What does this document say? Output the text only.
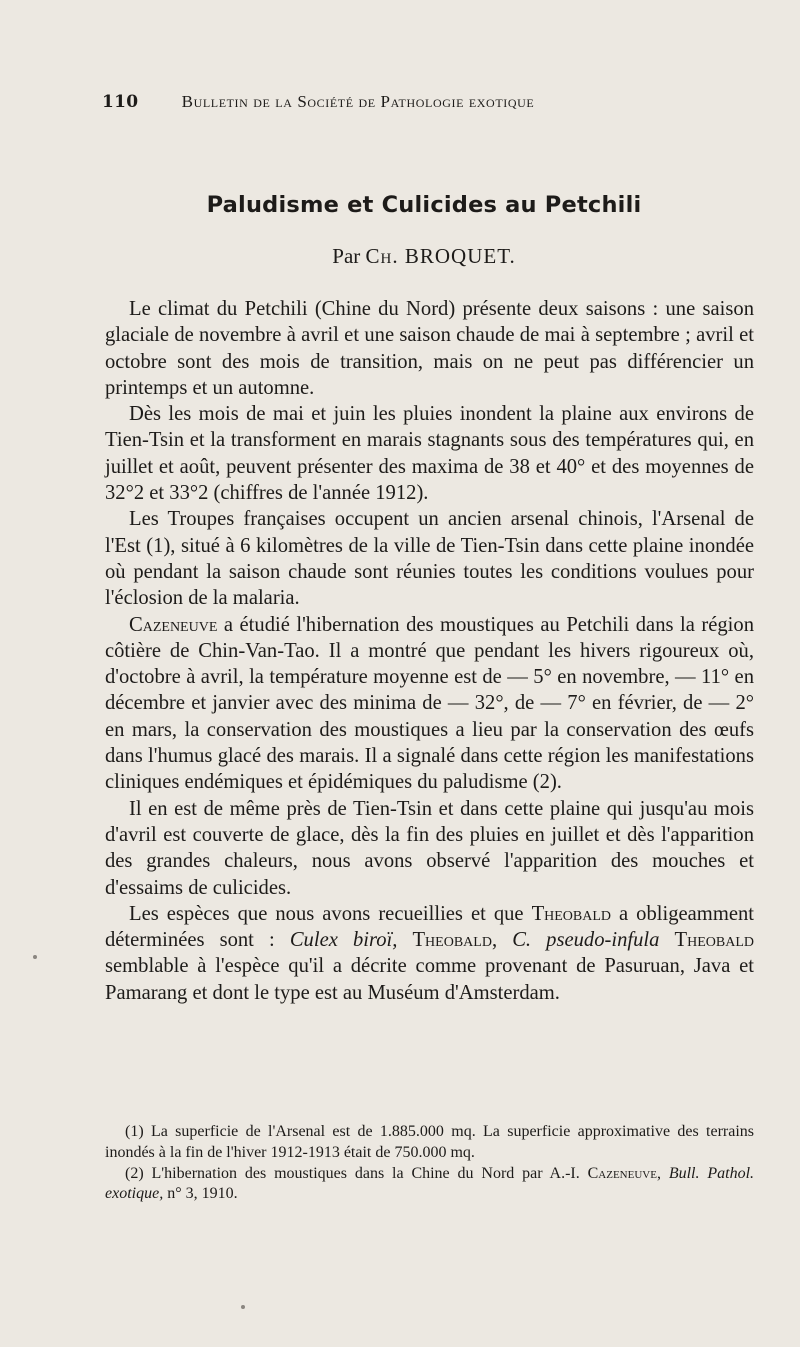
110	Bulletin de la Société de Pathologie exotique
Paludisme et Culicides au Petchili
Par Ch. BROQUET.

Le climat du Petchili (Chine du Nord) présente deux saisons : une saison glaciale de novembre à avril et une saison chaude de mai à septembre ; avril et octobre sont des mois de transition, mais on ne peut pas différencier un printemps et un automne.

Dès les mois de mai et juin les pluies inondent la plaine aux environs de Tien-Tsin et la transforment en marais stagnants sous des températures qui, en juillet et août, peuvent présenter des maxima de 38 et 40° et des moyennes de 32°2 et 33°2 (chiffres de l'année 1912).

Les Troupes françaises occupent un ancien arsenal chinois, l'Arsenal de l'Est (1), situé à 6 kilomètres de la ville de Tien-Tsin dans cette plaine inondée où pendant la saison chaude sont réunies toutes les conditions voulues pour l'éclosion de la malaria.

Cazeneuve a étudié l'hibernation des moustiques au Petchili dans la région côtière de Chin-Van-Tao. Il a montré que pendant les hivers rigoureux où, d'octobre à avril, la température moyenne est de — 5° en novembre, — 11° en décembre et janvier avec des minima de — 32°, de — 7° en février, de — 2° en mars, la conservation des moustiques a lieu par la conservation des œufs dans l'humus glacé des marais. Il a signalé dans cette région les manifestations cliniques endémiques et épidémiques du paludisme (2).

Il en est de même près de Tien-Tsin et dans cette plaine qui jusqu'au mois d'avril est couverte de glace, dès la fin des pluies en juillet et dès l'apparition des grandes chaleurs, nous avons observé l'apparition des mouches et d'essaims de culicides.

Les espèces que nous avons recueillies et que Theobald a obligeamment déterminées sont : Culex biroï, Theobald, C. pseudo-infula Theobald semblable à l'espèce qu'il a décrite comme provenant de Pasuruan, Java et Pamarang et dont le type est au Muséum d'Amsterdam.

(1) La superficie de l'Arsenal est de 1.885.000 mq. La superficie approximative des terrains inondés à la fin de l'hiver 1912-1913 était de 750.000 mq.

(2) L'hibernation des moustiques dans la Chine du Nord par A.-I. Cazeneuve, Bull. Pathol. exotique, n° 3, 1910.
